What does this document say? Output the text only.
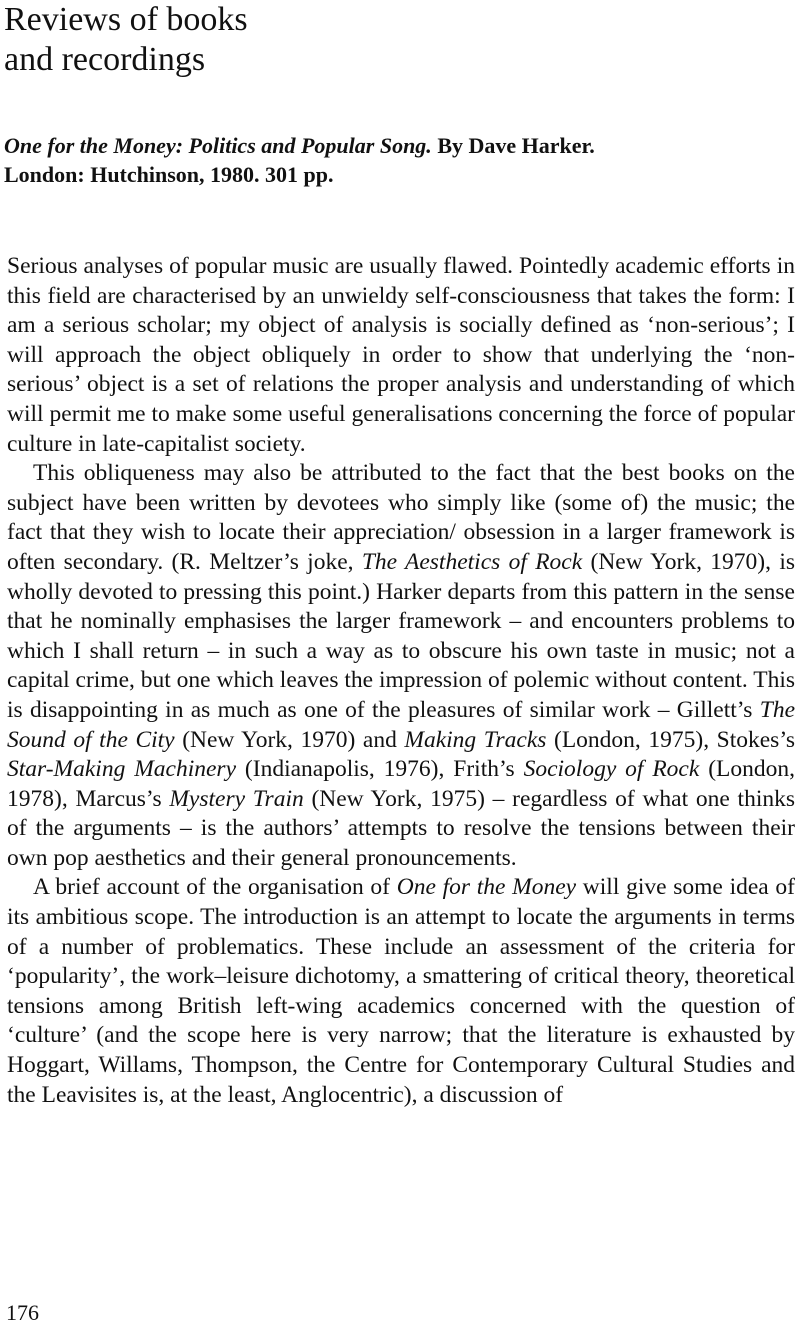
Reviews of books
and recordings

One for the Money: Politics and Popular Song. By Dave Harker.
London: Hutchinson, 1980. 301 pp.

Serious analyses of popular music are usually flawed. Pointedly academic efforts in this field are characterised by an unwieldy self-consciousness that takes the form: I am a serious scholar; my object of analysis is socially defined as ‘non-serious’; I will approach the object obliquely in order to show that underlying the ‘non-serious’ object is a set of relations the proper analysis and understanding of which will permit me to make some useful generalisations concerning the force of popular culture in late-capitalist society.

This obliqueness may also be attributed to the fact that the best books on the subject have been written by devotees who simply like (some of) the music; the fact that they wish to locate their appreciation/ obsession in a larger framework is often secondary. (R. Meltzer’s joke, The Aesthetics of Rock (New York, 1970), is wholly devoted to pressing this point.) Harker departs from this pattern in the sense that he nominally emphasises the larger framework – and encounters problems to which I shall return – in such a way as to obscure his own taste in music; not a capital crime, but one which leaves the impression of polemic without content. This is disappointing in as much as one of the pleasures of similar work – Gillett’s The Sound of the City (New York, 1970) and Making Tracks (London, 1975), Stokes’s Star-Making Machinery (Indianapolis, 1976), Frith’s Sociology of Rock (London, 1978), Marcus’s Mystery Train (New York, 1975) – regardless of what one thinks of the arguments – is the authors’ attempts to resolve the tensions between their own pop aesthetics and their general pronouncements.

A brief account of the organisation of One for the Money will give some idea of its ambitious scope. The introduction is an attempt to locate the arguments in terms of a number of problematics. These include an assessment of the criteria for ‘popularity’, the work–leisure dichotomy, a smattering of critical theory, theoretical tensions among British left-wing academics concerned with the question of ‘culture’ (and the scope here is very narrow; that the literature is exhausted by Hoggart, Willams, Thompson, the Centre for Contemporary Cultural Studies and the Leavisites is, at the least, Anglocentric), a discussion of

176
